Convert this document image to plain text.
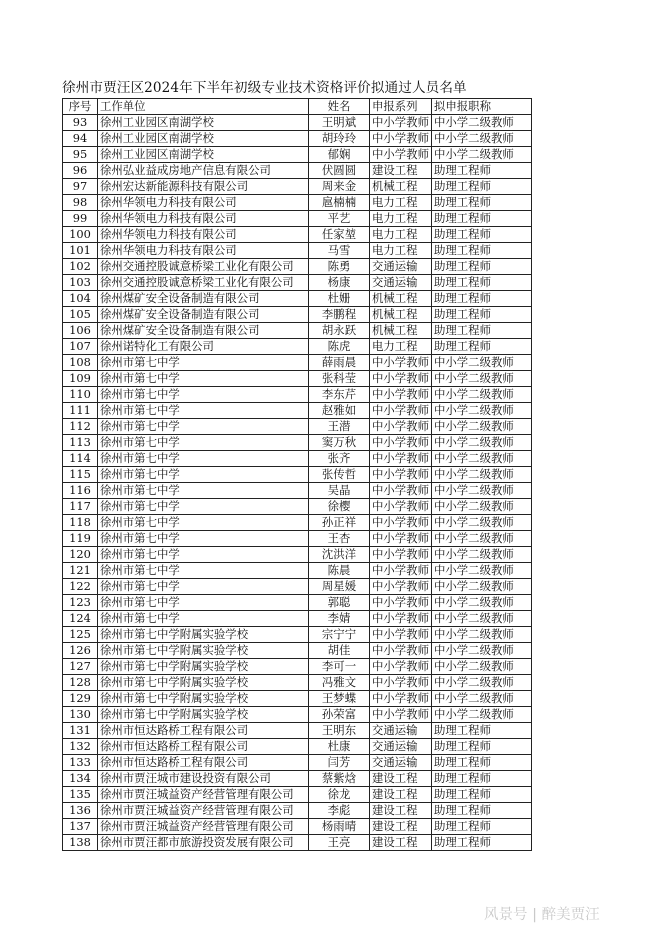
徐州市贾汪区2024年下半年初级专业技术资格评价拟通过人员名单
序号	工作单位	姓名	申报系列	拟申报职称
93	徐州工业园区南湖学校	王明斌	中小学教师	中小学二级教师
94	徐州工业园区南湖学校	胡玲玲	中小学教师	中小学二级教师
95	徐州工业园区南湖学校	郁娴	中小学教师	中小学二级教师
96	徐州弘业益成房地产信息有限公司	伏圆圆	建设工程	助理工程师
97	徐州宏达新能源科技有限公司	周来金	机械工程	助理工程师
98	徐州华领电力科技有限公司	扈楠楠	电力工程	助理工程师
99	徐州华领电力科技有限公司	平艺	电力工程	助理工程师
100	徐州华领电力科技有限公司	任家堃	电力工程	助理工程师
101	徐州华领电力科技有限公司	马雪	电力工程	助理工程师
102	徐州交通控股诚意桥梁工业化有限公司	陈勇	交通运输	助理工程师
103	徐州交通控股诚意桥梁工业化有限公司	杨康	交通运输	助理工程师
104	徐州煤矿安全设备制造有限公司	杜姗	机械工程	助理工程师
105	徐州煤矿安全设备制造有限公司	李鹏程	机械工程	助理工程师
106	徐州煤矿安全设备制造有限公司	胡永跃	机械工程	助理工程师
107	徐州诺特化工有限公司	陈虎	电力工程	助理工程师
108	徐州市第七中学	薛雨晨	中小学教师	中小学二级教师
109	徐州市第七中学	张科莹	中小学教师	中小学二级教师
110	徐州市第七中学	李东芹	中小学教师	中小学二级教师
111	徐州市第七中学	赵雅如	中小学教师	中小学二级教师
112	徐州市第七中学	王潜	中小学教师	中小学二级教师
113	徐州市第七中学	窦万秋	中小学教师	中小学二级教师
114	徐州市第七中学	张齐	中小学教师	中小学二级教师
115	徐州市第七中学	张传哲	中小学教师	中小学二级教师
116	徐州市第七中学	吴晶	中小学教师	中小学二级教师
117	徐州市第七中学	徐樱	中小学教师	中小学二级教师
118	徐州市第七中学	孙正祥	中小学教师	中小学二级教师
119	徐州市第七中学	王杏	中小学教师	中小学二级教师
120	徐州市第七中学	沈洪洋	中小学教师	中小学二级教师
121	徐州市第七中学	陈晨	中小学教师	中小学二级教师
122	徐州市第七中学	周星媛	中小学教师	中小学二级教师
123	徐州市第七中学	郭聪	中小学教师	中小学二级教师
124	徐州市第七中学	李婧	中小学教师	中小学二级教师
125	徐州市第七中学附属实验学校	宗宁宁	中小学教师	中小学二级教师
126	徐州市第七中学附属实验学校	胡佳	中小学教师	中小学二级教师
127	徐州市第七中学附属实验学校	李可一	中小学教师	中小学二级教师
128	徐州市第七中学附属实验学校	冯雅文	中小学教师	中小学二级教师
129	徐州市第七中学附属实验学校	王梦蝶	中小学教师	中小学二级教师
130	徐州市第七中学附属实验学校	孙荣富	中小学教师	中小学二级教师
131	徐州市恒达路桥工程有限公司	王明东	交通运输	助理工程师
132	徐州市恒达路桥工程有限公司	杜康	交通运输	助理工程师
133	徐州市恒达路桥工程有限公司	闫芳	交通运输	助理工程师
134	徐州市贾汪城市建设投资有限公司	蔡紫焓	建设工程	助理工程师
135	徐州市贾汪城益资产经营管理有限公司	徐龙	建设工程	助理工程师
136	徐州市贾汪城益资产经营管理有限公司	李彪	建设工程	助理工程师
137	徐州市贾汪城益资产经营管理有限公司	杨雨晴	建设工程	助理工程师
138	徐州市贾汪都市旅游投资发展有限公司	王亮	建设工程	助理工程师
风景号 | 醉美贾汪
